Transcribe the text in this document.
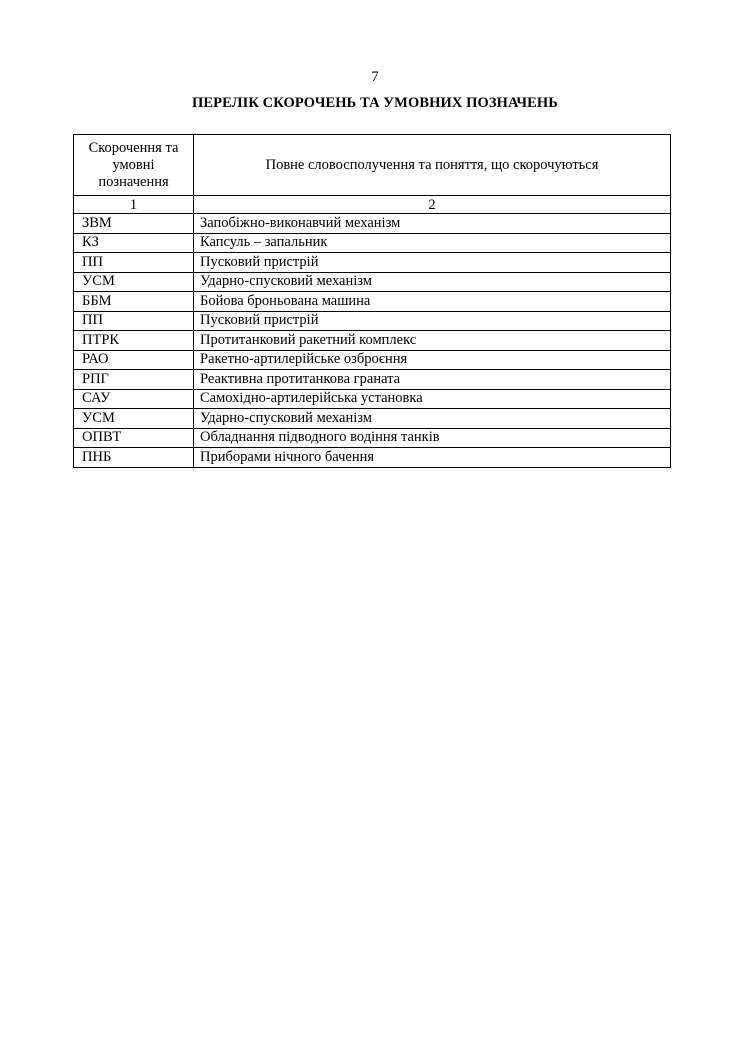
7
ПЕРЕЛІК СКОРОЧЕНЬ ТА УМОВНИХ ПОЗНАЧЕНЬ
Скорочення та умовні позначення	Повне словосполучення та поняття, що скорочуються
1	2
ЗВМ	Запобіжно-виконавчий механізм
КЗ	Капсуль – запальник
ПП	Пусковий пристрій
УСМ	Ударно-спусковий механізм
ББМ	Бойова броньована машина
ПП	Пусковий пристрій
ПТРК	Протитанковий ракетний комплекс
РАО	Ракетно-артилерійське озброєння
РПГ	Реактивна протитанкова граната
САУ	Самохідно-артилерійська установка
УСМ	Ударно-спусковий механізм
ОПВТ	Обладнання підводного водіння танків
ПНБ	Приборами нічного бачення
